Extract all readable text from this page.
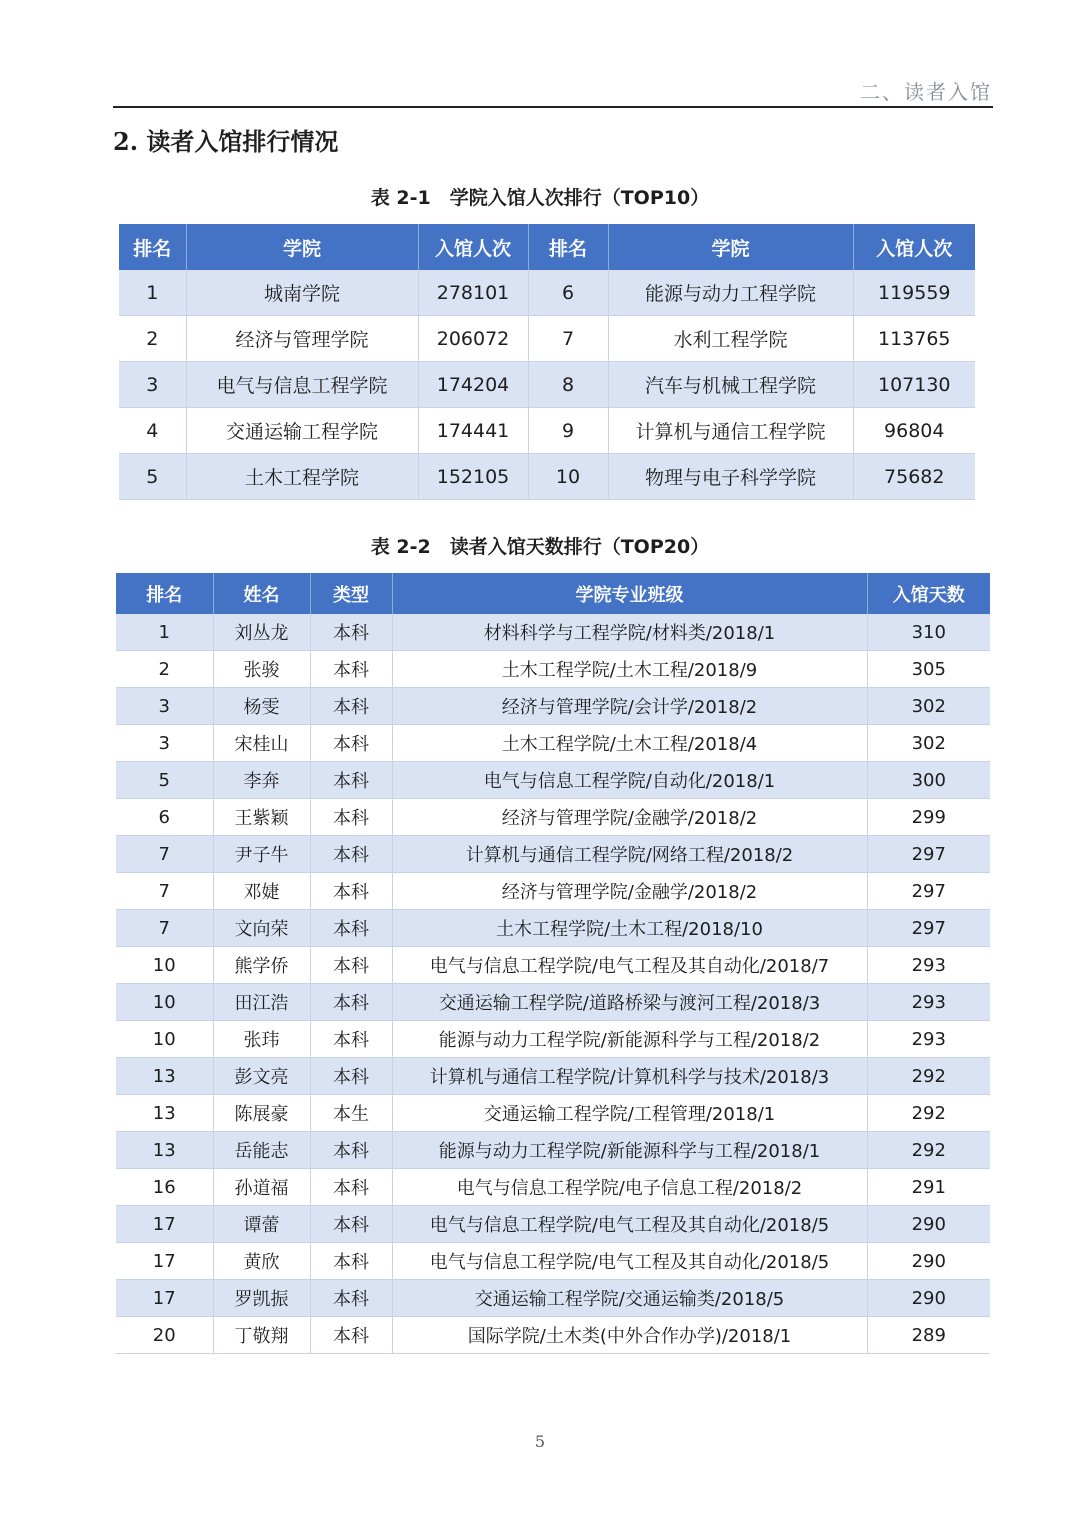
二、读者入馆
2. 读者入馆排行情况
表 2-1　学院入馆人次排行（TOP10）
排名	学院	入馆人次	排名	学院	入馆人次
1	城南学院	278101	6	能源与动力工程学院	119559
2	经济与管理学院	206072	7	水利工程学院	113765
3	电气与信息工程学院	174204	8	汽车与机械工程学院	107130
4	交通运输工程学院	174441	9	计算机与通信工程学院	96804
5	土木工程学院	152105	10	物理与电子科学学院	75682
表 2-2　读者入馆天数排行（TOP20）
排名	姓名	类型	学院专业班级	入馆天数
1	刘丛龙	本科	材料科学与工程学院/材料类/2018/1	310
2	张骏	本科	土木工程学院/土木工程/2018/9	305
3	杨雯	本科	经济与管理学院/会计学/2018/2	302
3	宋桂山	本科	土木工程学院/土木工程/2018/4	302
5	李奔	本科	电气与信息工程学院/自动化/2018/1	300
6	王紫颖	本科	经济与管理学院/金融学/2018/2	299
7	尹子牛	本科	计算机与通信工程学院/网络工程/2018/2	297
7	邓婕	本科	经济与管理学院/金融学/2018/2	297
7	文向荣	本科	土木工程学院/土木工程/2018/10	297
10	熊学侨	本科	电气与信息工程学院/电气工程及其自动化/2018/7	293
10	田江浩	本科	交通运输工程学院/道路桥梁与渡河工程/2018/3	293
10	张玮	本科	能源与动力工程学院/新能源科学与工程/2018/2	293
13	彭文亮	本科	计算机与通信工程学院/计算机科学与技术/2018/3	292
13	陈展豪	本生	交通运输工程学院/工程管理/2018/1	292
13	岳能志	本科	能源与动力工程学院/新能源科学与工程/2018/1	292
16	孙道福	本科	电气与信息工程学院/电子信息工程/2018/2	291
17	谭蕾	本科	电气与信息工程学院/电气工程及其自动化/2018/5	290
17	黄欣	本科	电气与信息工程学院/电气工程及其自动化/2018/5	290
17	罗凯振	本科	交通运输工程学院/交通运输类/2018/5	290
20	丁敬翔	本科	国际学院/土木类(中外合作办学)/2018/1	289
5
